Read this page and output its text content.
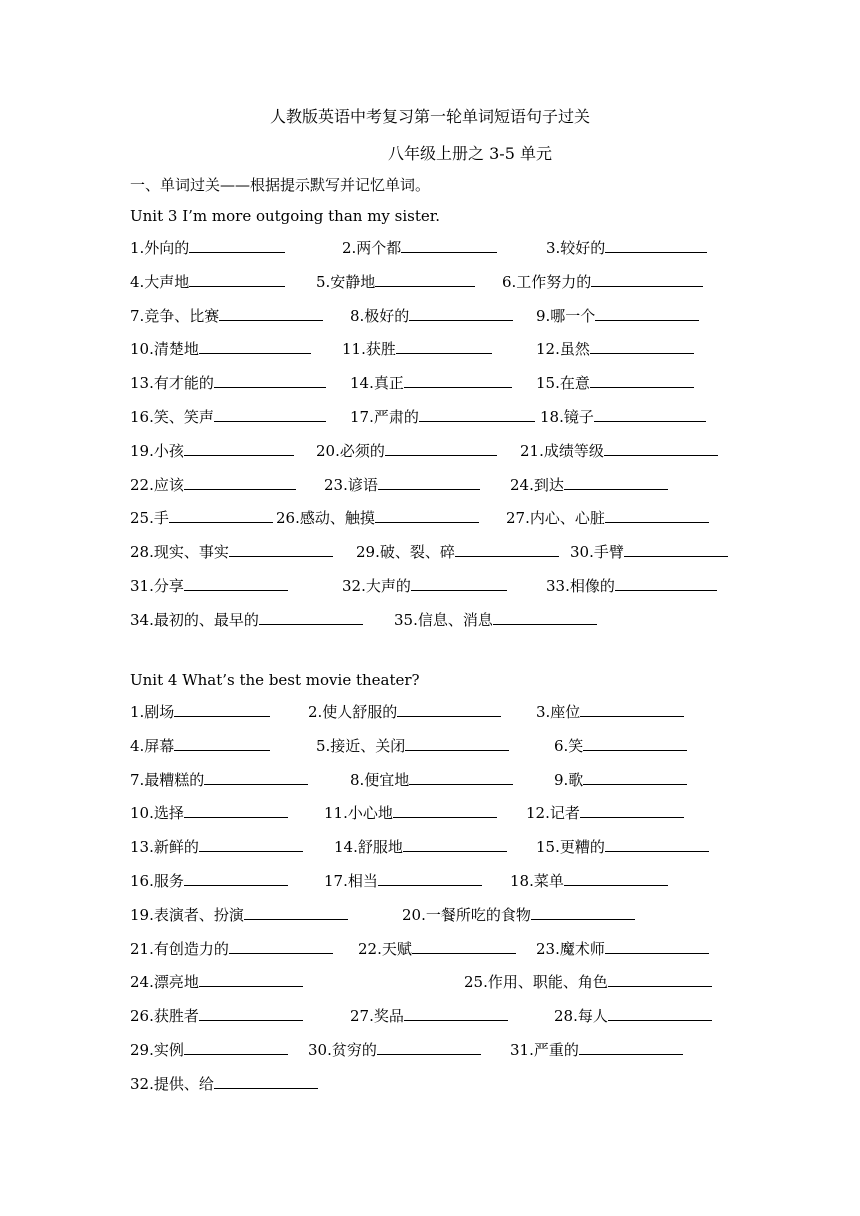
人教版英语中考复习第一轮单词短语句子过关
八年级上册之 3-5 单元
一、单词过关——根据提示默写并记忆单词。
Unit 3 I’m more outgoing than my sister.
1.外向的	2.两个都	3.较好的
4.大声地	5.安静地	6.工作努力的
7.竞争、比赛	8.极好的	9.哪一个
10.清楚地	11.获胜	12.虽然
13.有才能的	14.真正	15.在意
16.笑、笑声	17.严肃的	18.镜子
19.小孩	20.必须的	21.成绩等级
22.应该	23.谚语	24.到达
25.手	26.感动、触摸	27.内心、心脏
28.现实、事实	29.破、裂、碎	30.手臂
31.分享	32.大声的	33.相像的
34.最初的、最早的	35.信息、消息
Unit 4 What’s the best movie theater?
1.剧场	2.使人舒服的	3.座位
4.屏幕	5.接近、关闭	6.笑
7.最糟糕的	8.便宜地	9.歌
10.选择	11.小心地	12.记者
13.新鲜的	14.舒服地	15.更糟的
16.服务	17.相当	18.菜单
19.表演者、扮演	20.一餐所吃的食物
21.有创造力的	22.天赋	23.魔术师
24.漂亮地	25.作用、职能、角色
26.获胜者	27.奖品	28.每人
29.实例	30.贫穷的	31.严重的
32.提供、给
